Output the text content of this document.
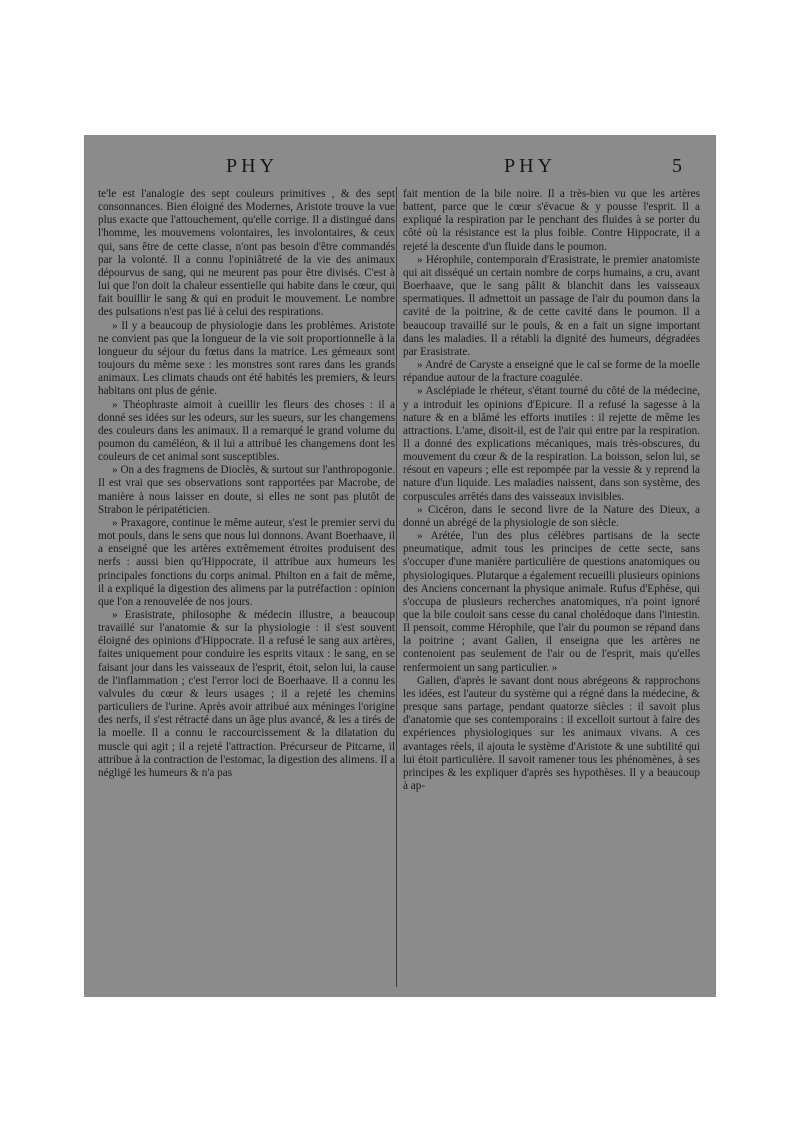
PHY	PHY	5

te'le est l'analogie des sept couleurs primitives , & des sept consonnances. Bien éloigné des Modernes, Aristote trouve la vue plus exacte que l'attouchement, qu'elle corrige. Il a distingué dans l'homme, les mouvemens volontaires, les involontaires, & ceux qui, sans être de cette classe, n'ont pas besoin d'être commandés par la volonté. Il a connu l'opiniâtreté de la vie des animaux dépourvus de sang, qui ne meurent pas pour être divisés. C'est à lui que l'on doit la chaleur essentielle qui habite dans le cœur, qui fait bouillir le sang & qui en produit le mouvement. Le nombre des pulsations n'est pas lié à celui des respirations.

» Il y a beaucoup de physiologie dans les problèmes. Aristote ne convient pas que la longueur de la vie soit proportionnelle à la longueur du séjour du fœtus dans la matrice. Les gémeaux sont toujours du même sexe : les monstres sont rares dans les grands animaux. Les climats chauds ont été habités les premiers, & leurs habitans ont plus de génie.

» Théophraste aimoit à cueillir les fleurs des choses : il a donné ses idées sur les odeurs, sur les sueurs, sur les changemens des couleurs dans les animaux. Il a remarqué le grand volume du poumon du caméléon, & il lui a attribué les changemens dont les couleurs de cet animal sont susceptibles.

» On a des fragmens de Dioclès, & surtout sur l'anthropogonie. Il est vrai que ses observations sont rapportées par Macrobe, de manière à nous laisser en doute, si elles ne sont pas plutôt de Strabon le péripatéticien.

» Praxagore, continue le même auteur, s'est le premier servi du mot pouls, dans le sens que nous lui donnons. Avant Boerhaave, il a enseigné que les artères extrêmement étroites produisent des nerfs : aussi bien qu'Hippocrate, il attribue aux humeurs les principales fonctions du corps animal. Philton en a fait de même, il a expliqué la digestion des alimens par la putréfaction : opinion que l'on a renouvelée de nos jours.

» Erasistrate, philosophe & médecin illustre, a beaucoup travaillé sur l'anatomie & sur la physiologie : il s'est souvent éloigné des opinions d'Hippocrate. Il a refusé le sang aux artères, faites uniquement pour conduire les esprits vitaux : le sang, en se faisant jour dans les vaisseaux de l'esprit, étoit, selon lui, la cause de l'inflammation ; c'est l'error loci de Boerhaave. Il a connu les valvules du cœur & leurs usages ; il a rejeté les chemins particuliers de l'urine. Après avoir attribué aux méninges l'origine des nerfs, il s'est rétracté dans un âge plus avancé, & les a tirés de la moelle. Il a connu le raccourcissement & la dilatation du muscle qui agit ; il a rejeté l'attraction. Précurseur de Pitcarne, il attribue à la contraction de l'estomac, la digestion des alimens. Il a négligé les humeurs & n'a pas

fait mention de la bile noire. Il a très-bien vu que les artères battent, parce que le cœur s'évacue & y pousse l'esprit. Il a expliqué la respiration par le penchant des fluides à se porter du côté où la résistance est la plus foible. Contre Hippocrate, il a rejeté la descente d'un fluide dans le poumon.

» Hérophile, contemporain d'Erasistrate, le premier anatomiste qui ait disséqué un certain nombre de corps humains, a cru, avant Boerhaave, que le sang pâlit & blanchit dans les vaisseaux spermatiques. Il admettoit un passage de l'air du poumon dans la cavité de la poitrine, & de cette cavité dans le poumon. Il a beaucoup travaillé sur le pouls, & en a fait un signe important dans les maladies. Il a rétabli la dignité des humeurs, dégradées par Erasistrate.

» André de Caryste a enseigné que le cal se forme de la moelle répandue autour de la fracture coagulée.

» Asclépiade le rhéteur, s'étant tourné du côté de la médecine, y a introduit les opinions d'Epicure. Il a refusé la sagesse à la nature & en a blâmé les efforts inutiles : il rejette de même les attractions. L'ame, disoit-il, est de l'air qui entre par la respiration. Il a donné des explications mécaniques, mais très-obscures, du mouvement du cœur & de la respiration. La boisson, selon lui, se résout en vapeurs ; elle est repompée par la vessie & y reprend la nature d'un liquide. Les maladies naissent, dans son système, des corpuscules arrêtés dans des vaisseaux invisibles.

» Cicéron, dans le second livre de la Nature des Dieux, a donné un abrégé de la physiologie de son siècle.

» Arétée, l'un des plus célèbres partisans de la secte pneumatique, admit tous les principes de cette secte, sans s'occuper d'une manière particulière de questions anatomiques ou physiologiques. Plutarque a également recueilli plusieurs opinions des Anciens concernant la physique animale. Rufus d'Ephèse, qui s'occupa de plusieurs recherches anatomiques, n'a point ignoré que la bile couloit sans cesse du canal cholédoque dans l'intestin. Il pensoit, comme Hérophile, que l'air du poumon se répand dans la poitrine ; avant Galien, il enseigna que les artères ne contenoient pas seulement de l'air ou de l'esprit, mais qu'elles renfermoient un sang particulier. »

Galien, d'après le savant dont nous abrégeons & rapprochons les idées, est l'auteur du système qui a régné dans la médecine, & presque sans partage, pendant quatorze siècles : il savoit plus d'anatomie que ses contemporains : il excelloit surtout à faire des expériences physiologiques sur les animaux vivans. A ces avantages réels, il ajouta le système d'Aristote & une subtilité qui lui étoit particulière. Il savoit ramener tous les phénomènes, à ses principes & les expliquer d'après ses hypothèses. Il y a beaucoup à ap-
